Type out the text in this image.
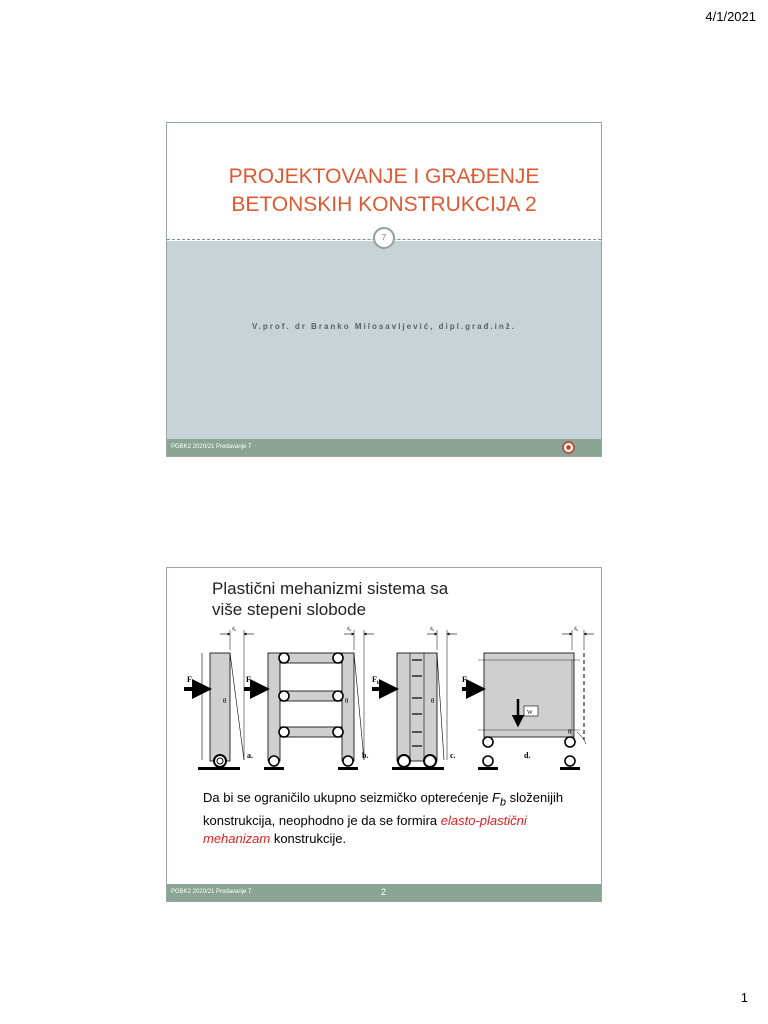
4/1/2021
PROJEKTOVANJE I GRAĐENJE
BETONSKIH KONSTRUKCIJA 2
7
V.prof. dr Branko Milosavljević, dipl.građ.inž.
PGBK2 2020/21 Predavanje 7
Plastični mehanizmi sistema sa
više stepeni slobode
$d_u$
$F_b$
θ
a.
$d_u$
$F_b$
θ
b.
$d_u$
$F_b$
θ
c.
W
$d_u$
$F_b$
θ
d.
Da bi se ograničilo ukupno seizmičko opterećenje $F_b$ složenijih konstrukcija, neophodno je da se formira elasto-plastični mehanizam konstrukcije.
PGBK2 2020/21 Predavanje 7	2
1
